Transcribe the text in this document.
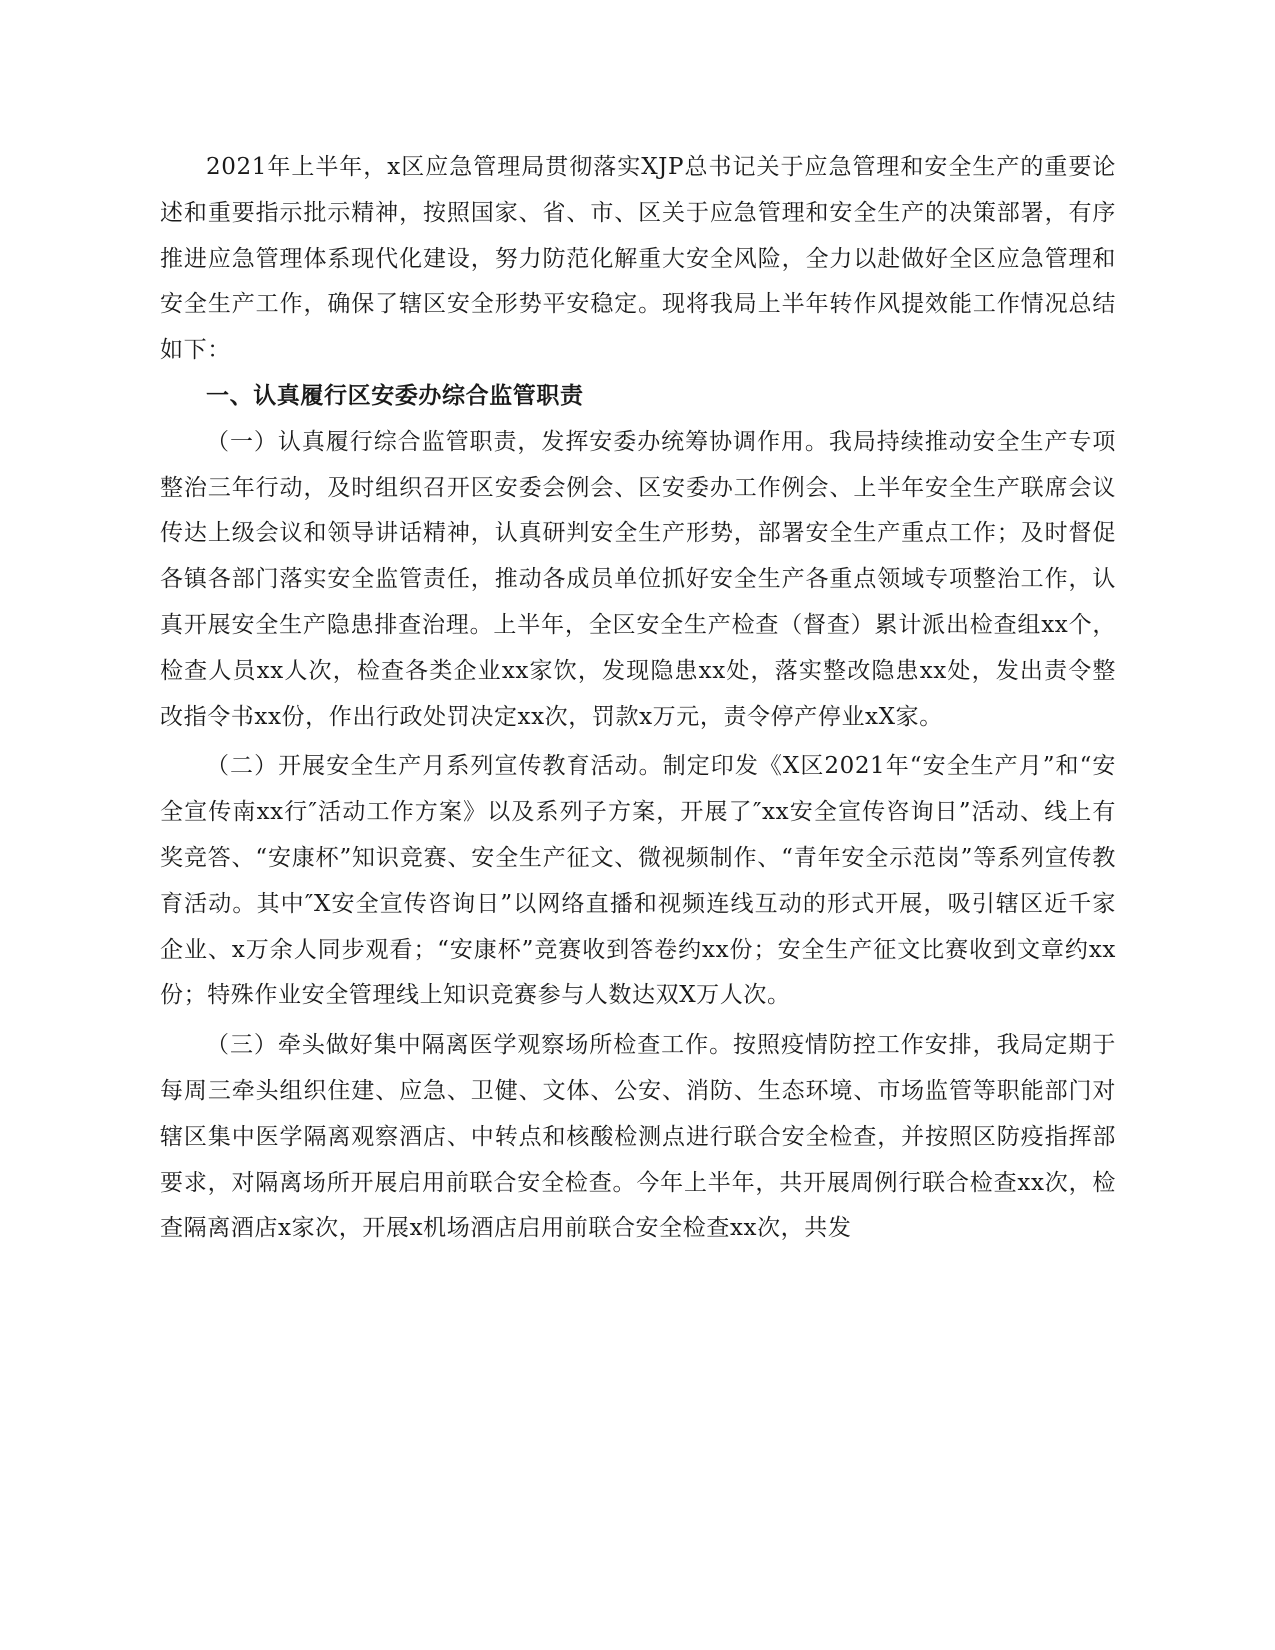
2021年上半年，x区应急管理局贯彻落实XJP总书记关于应急管理和安全生产的重要论述和重要指示批示精神，按照国家、省、市、区关于应急管理和安全生产的决策部署，有序推进应急管理体系现代化建设，努力防范化解重大安全风险，全力以赴做好全区应急管理和安全生产工作，确保了辖区安全形势平安稳定。现将我局上半年转作风提效能工作情况总结如下：

一、认真履行区安委办综合监管职责

（一）认真履行综合监管职责，发挥安委办统筹协调作用。我局持续推动安全生产专项整治三年行动，及时组织召开区安委会例会、区安委办工作例会、上半年安全生产联席会议传达上级会议和领导讲话精神，认真研判安全生产形势，部署安全生产重点工作；及时督促各镇各部门落实安全监管责任，推动各成员单位抓好安全生产各重点领域专项整治工作，认真开展安全生产隐患排查治理。上半年，全区安全生产检查（督查）累计派出检查组xx个，检查人员xx人次，检查各类企业xx家饮，发现隐患xx处，落实整改隐患xx处，发出责令整改指令书xx份，作出行政处罚决定xx次，罚款x万元，责令停产停业xX家。

（二）开展安全生产月系列宣传教育活动。制定印发《X区2021年“安全生产月”和“安全宣传南xx行″活动工作方案》以及系列子方案，开展了″xx安全宣传咨询日”活动、线上有奖竞答、“安康杯”知识竞赛、安全生产征文、微视频制作、“青年安全示范岗”等系列宣传教育活动。其中″X安全宣传咨询日”以网络直播和视频连线互动的形式开展，吸引辖区近千家企业、x万余人同步观看；“安康杯”竞赛收到答卷约xx份；安全生产征文比赛收到文章约xx份；特殊作业安全管理线上知识竞赛参与人数达双X万人次。

（三）牵头做好集中隔离医学观察场所检查工作。按照疫情防控工作安排，我局定期于每周三牵头组织住建、应急、卫健、文体、公安、消防、生态环境、市场监管等职能部门对辖区集中医学隔离观察酒店、中转点和核酸检测点进行联合安全检查，并按照区防疫指挥部要求，对隔离场所开展启用前联合安全检查。今年上半年，共开展周例行联合检查xx次，检查隔离酒店x家次，开展x机场酒店启用前联合安全检查xx次，共发
